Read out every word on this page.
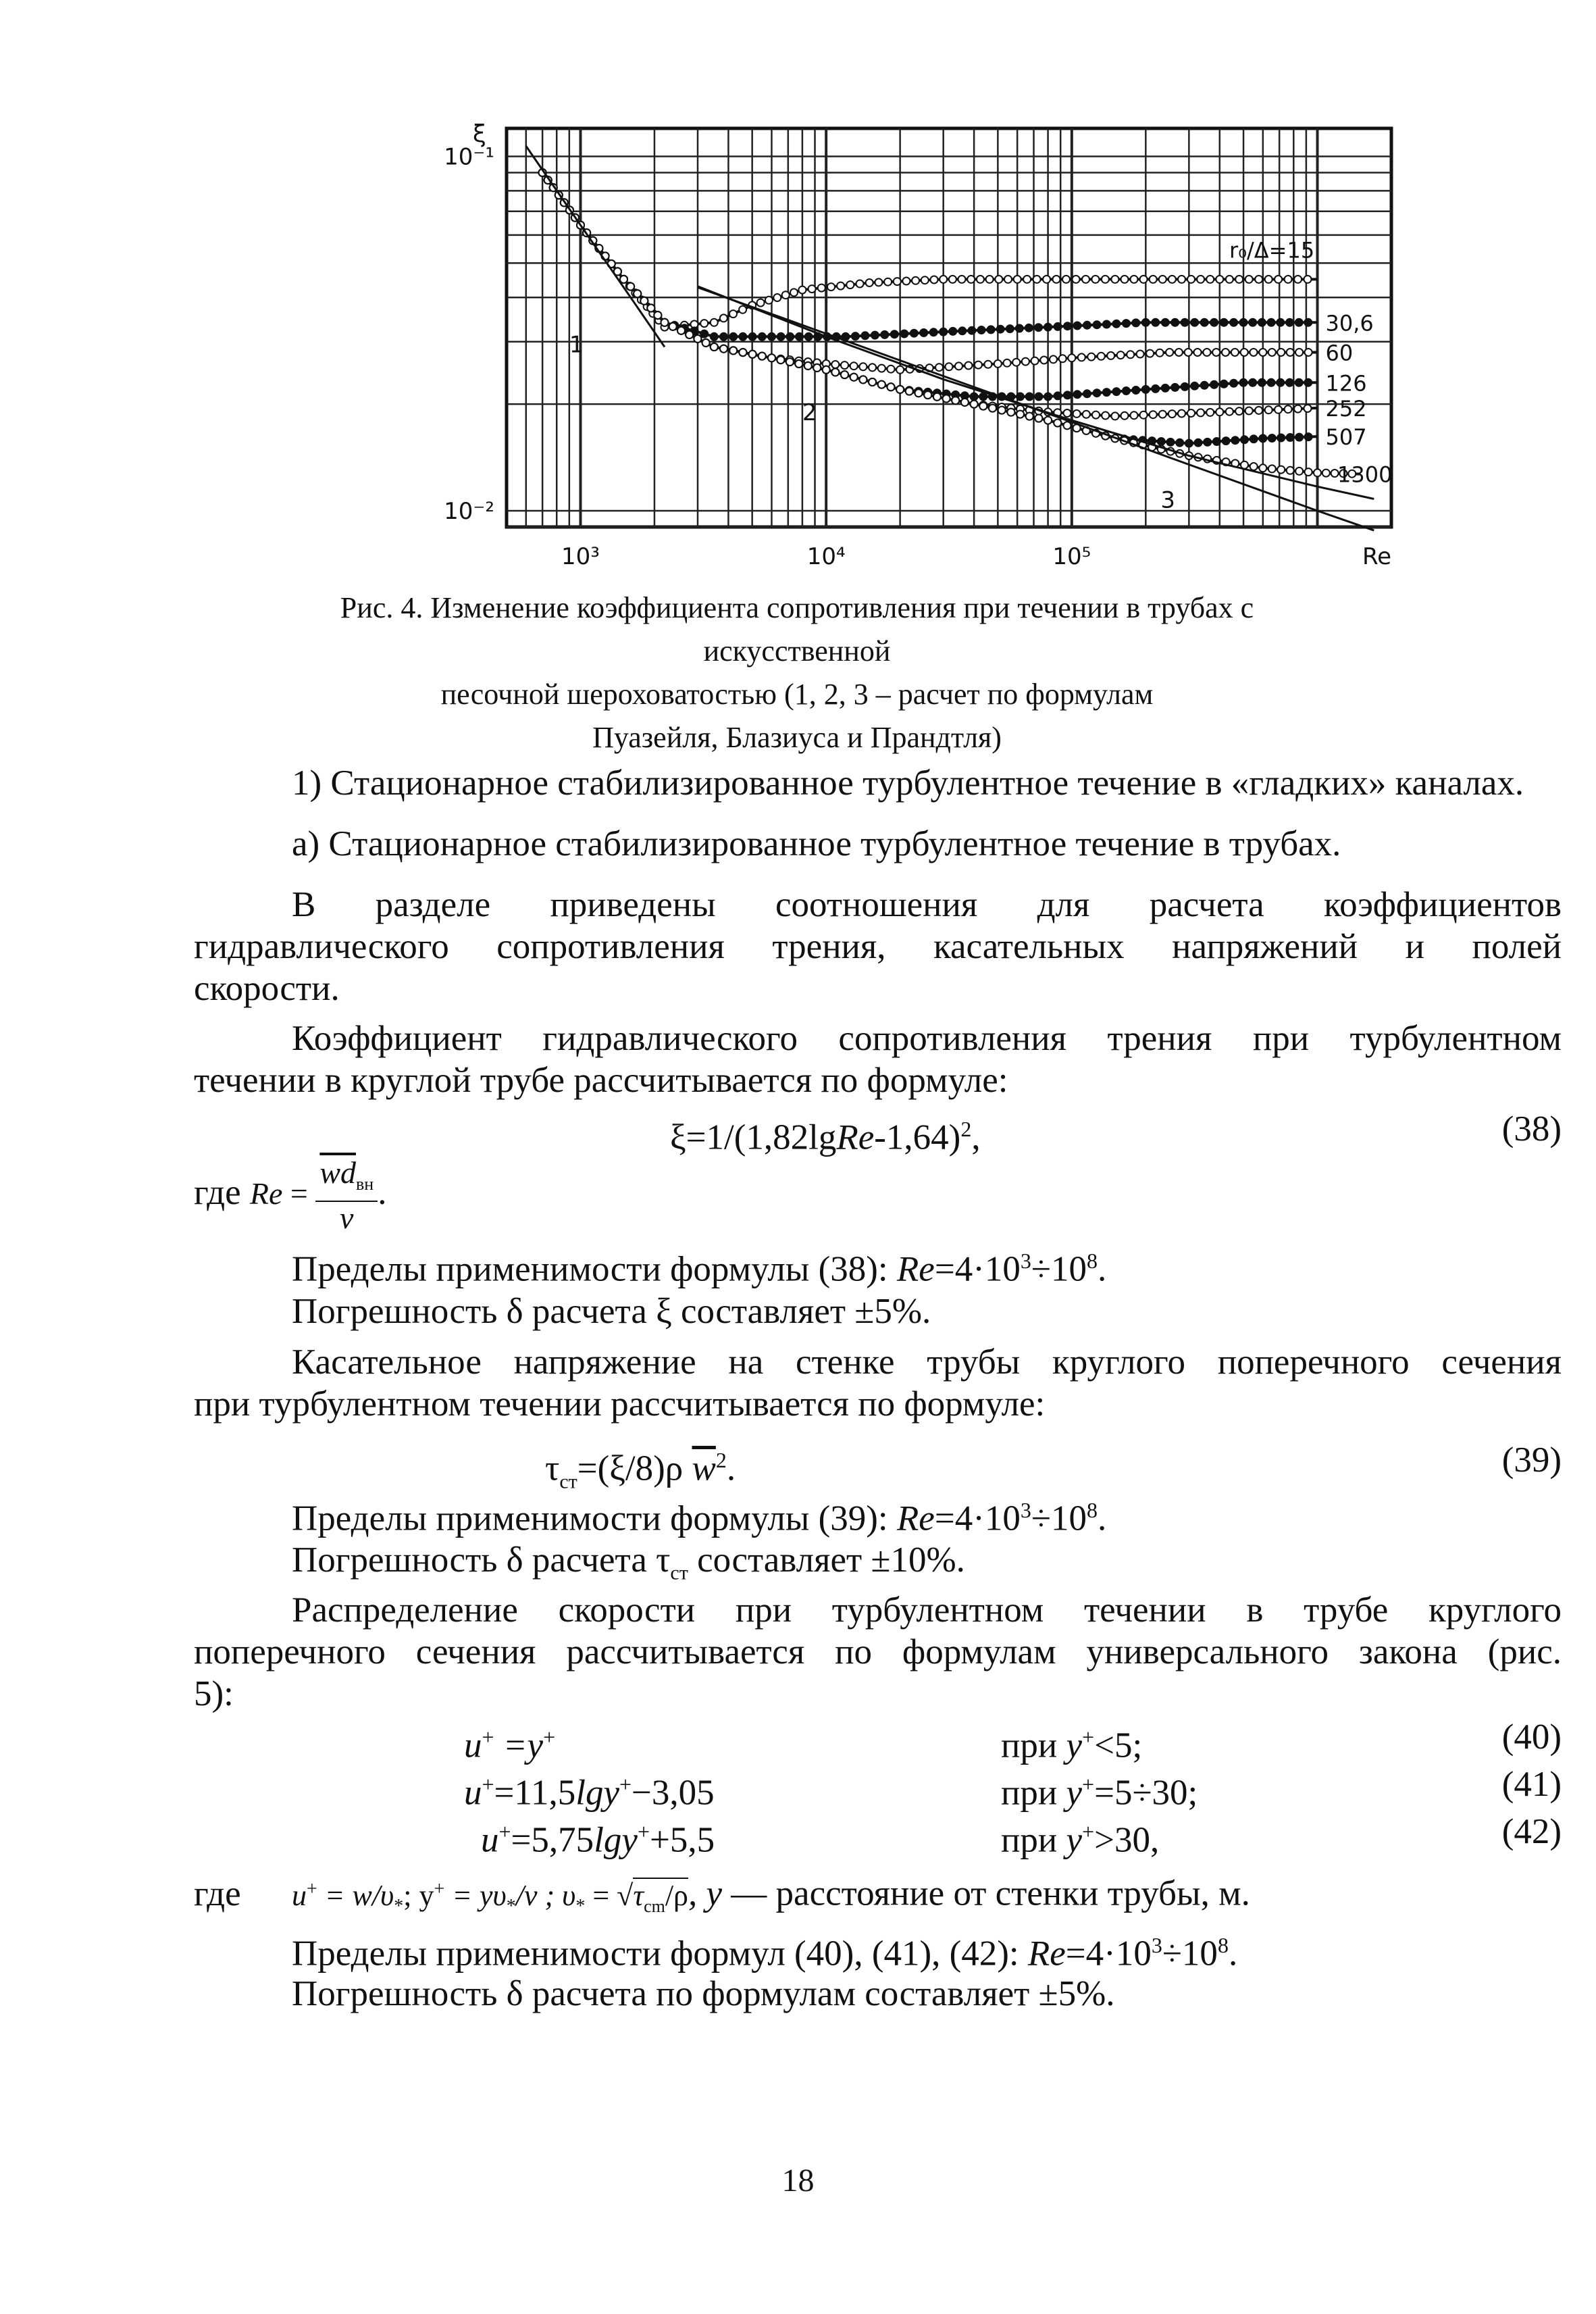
10³	10⁴	10⁵
10⁻¹
10⁻²
Re
ξ
30,6
60
126
252
507
1300
r₀/Δ=15
1
2
3
Рис. 4. Изменение коэффициента сопротивления при течении в трубах с искусственной
песочной шероховатостью (1, 2, 3 – расчет по формулам
Пуазейля, Блазиуса и Прандтля)
1) Стационарное стабилизированное турбулентное течение в «гладких» каналах.
а) Стационарное стабилизированное турбулентное течение в трубах.
В разделе приведены соотношения для расчета коэффициентов
гидравлического сопротивления трения, касательных напряжений и полей
скорости.
Коэффициент гидравлического сопротивления трения при турбулентном
течении в круглой трубе рассчитывается по формуле:
ξ=1/(1,82lgRe-1,64)$^2$,	(38)
где $Re = \frac{\overline{wd}_{вн}}{\nu}$ .
Пределы применимости формулы (38): $Re=4\cdot 10^3\div 10^8$.
Погрешность δ расчета ξ составляет ±5%.
Касательное напряжение на стенке трубы круглого поперечного сечения
при турбулентном течении рассчитывается по формуле:
$\tau_{ст}=(\xi/8)\rho$ $\overline{w}^2$.	(39)
Пределы применимости формулы (39): $Re=4\cdot 10^3\div 10^8$.
Погрешность δ расчета $\tau_{ст}$ составляет ±10%.
Распределение скорости при турбулентном течении в трубе круглого
поперечного сечения рассчитывается по формулам универсального закона (рис.
5):
u+ =y+	при y+<5;	(40)
u+=11,5lgy+−3,05	при y+=5÷30;	(41)
u+=5,75lgy++5,5	при y+>30,	(42)
где $u^+ = w/\upsilon_*$; $y^+ = y\upsilon_*/\nu$ ; $\upsilon_* = √\tau_{cm}/\rho$, y — расстояние от стенки трубы, м.
Пределы применимости формул (40), (41), (42): $Re=4\cdot 10^3\div 10^8$.
Погрешность δ расчета по формулам составляет ±5%.
18
